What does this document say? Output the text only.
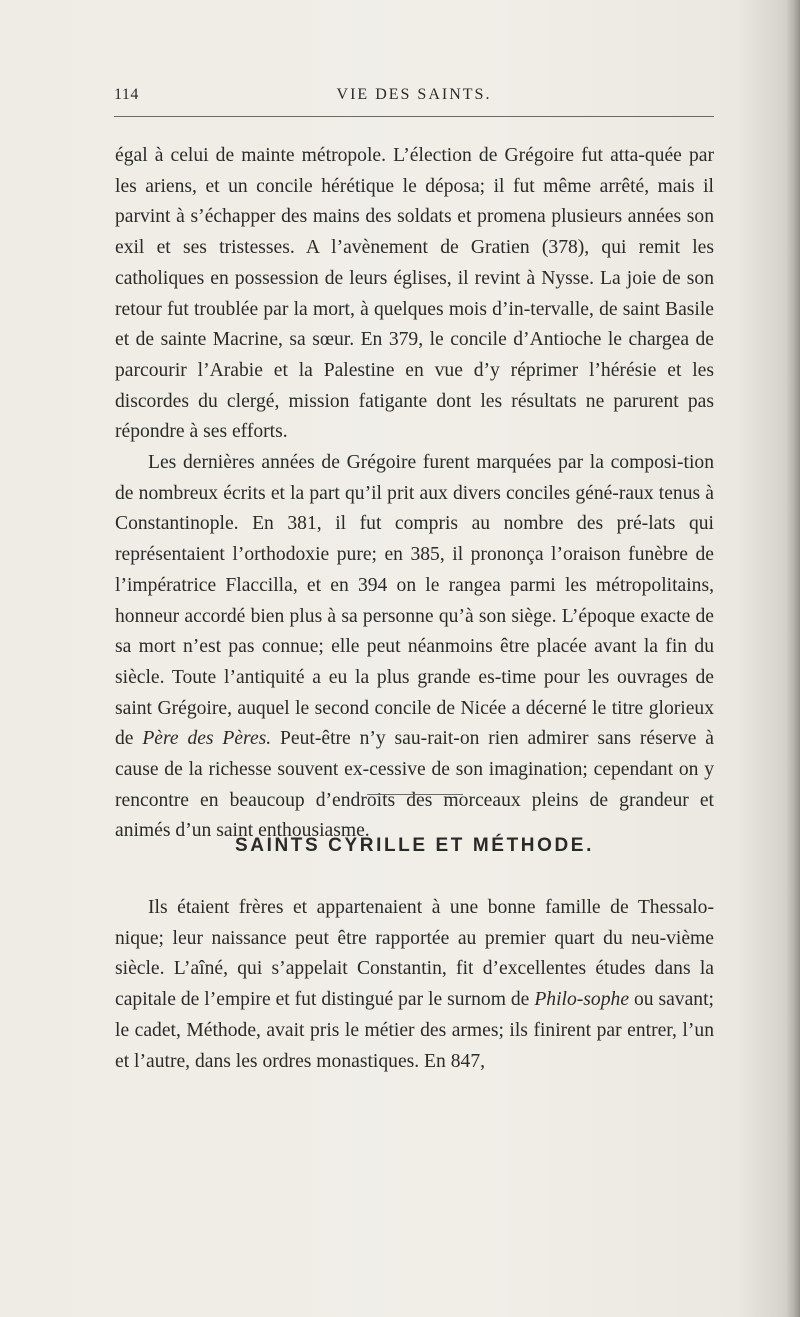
114	VIE DES SAINTS.

égal à celui de mainte métropole. L’élection de Grégoire fut atta-quée par les ariens, et un concile hérétique le déposa; il fut même arrêté, mais il parvint à s’échapper des mains des soldats et promena plusieurs années son exil et ses tristesses. A l’avènement de Gratien (378), qui remit les catholiques en possession de leurs églises, il revint à Nysse. La joie de son retour fut troublée par la mort, à quelques mois d’in-tervalle, de saint Basile et de sainte Macrine, sa sœur. En 379, le concile d’Antioche le chargea de parcourir l’Arabie et la Palestine en vue d’y réprimer l’hérésie et les discordes du clergé, mission fatigante dont les résultats ne parurent pas répondre à ses efforts.

Les dernières années de Grégoire furent marquées par la composi-tion de nombreux écrits et la part qu’il prit aux divers conciles géné-raux tenus à Constantinople. En 381, il fut compris au nombre des pré-lats qui représentaient l’orthodoxie pure; en 385, il prononça l’oraison funèbre de l’impératrice Flaccilla, et en 394 on le rangea parmi les métropolitains, honneur accordé bien plus à sa personne qu’à son siège. L’époque exacte de sa mort n’est pas connue; elle peut néanmoins être placée avant la fin du siècle. Toute l’antiquité a eu la plus grande es-time pour les ouvrages de saint Grégoire, auquel le second concile de Nicée a décerné le titre glorieux de Père des Pères. Peut-être n’y sau-rait-on rien admirer sans réserve à cause de la richesse souvent ex-cessive de son imagination; cependant on y rencontre en beaucoup d’endroits des morceaux pleins de grandeur et animés d’un saint enthousiasme.

SAINTS CYRILLE ET MÉTHODE.

Ils étaient frères et appartenaient à une bonne famille de Thessalo-nique; leur naissance peut être rapportée au premier quart du neu-vième siècle. L’aîné, qui s’appelait Constantin, fit d’excellentes études dans la capitale de l’empire et fut distingué par le surnom de Philo-sophe ou savant; le cadet, Méthode, avait pris le métier des armes; ils finirent par entrer, l’un et l’autre, dans les ordres monastiques. En 847,
